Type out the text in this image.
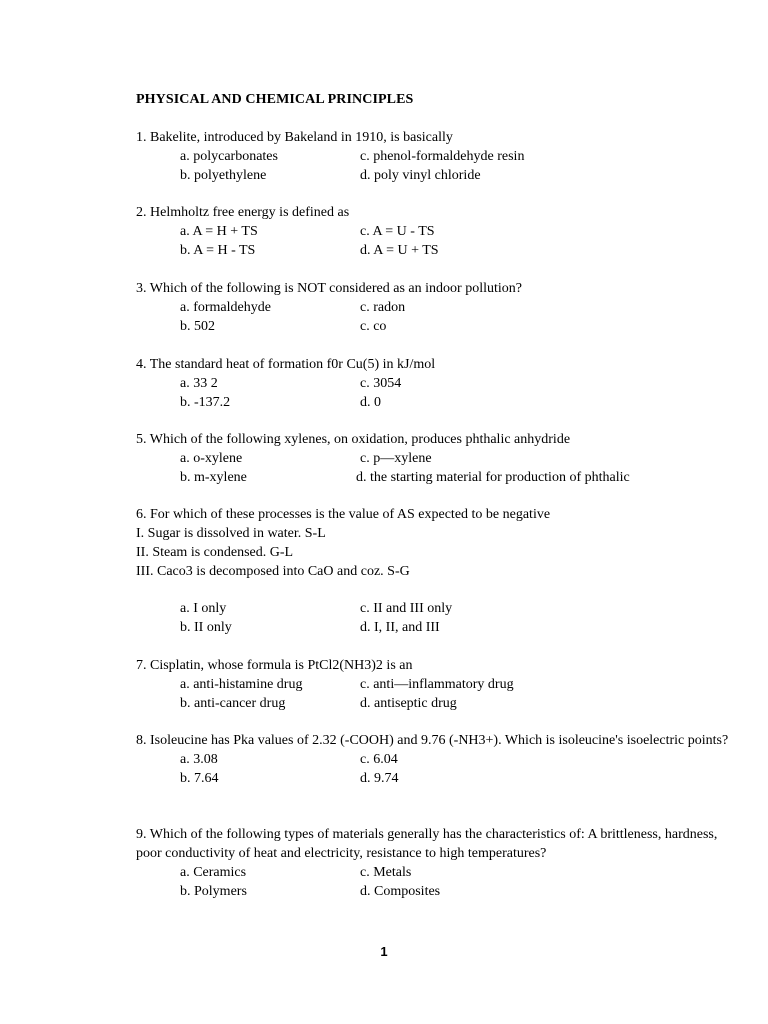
PHYSICAL AND CHEMICAL PRINCIPLES
1. Bakelite, introduced by Bakeland in 1910, is basically
a. polycarbonates	c. phenol-formaldehyde resin
b. polyethylene	d. poly vinyl chloride
2. Helmholtz free energy is defined as
a. A = H + TS	c. A = U - TS
b. A = H - TS	d. A = U + TS
3. Which of the following is NOT considered as an indoor pollution?
a. formaldehyde	c. radon
b. 502	c. co
4. The standard heat of formation f0r Cu(5) in kJ/mol
a. 33 2	c. 3054
b. -137.2	d. 0
5. Which of the following xylenes, on oxidation, produces phthalic anhydride
a. o-xylene	c. p—xylene
b. m-xylene	d. the starting material for production of phthalic
6. For which of these processes is the value of AS expected to be negative
I. Sugar is dissolved in water. S-L
II. Steam is condensed. G-L
III. Caco3 is decomposed into CaO and coz. S-G
a. I only	c. II and III only
b. II only	d. I, II, and III
7. Cisplatin, whose formula is PtCl2(NH3)2 is an
a. anti-histamine drug	c. anti—inflammatory drug
b. anti-cancer drug	d. antiseptic drug
8. Isoleucine has Pka values of 2.32 (-COOH) and 9.76 (-NH3+). Which is isoleucine's isoelectric points?
a. 3.08	c. 6.04
b. 7.64	d. 9.74
9. Which of the following types of materials generally has the characteristics of: A brittleness, hardness, poor conductivity of heat and electricity, resistance to high temperatures?
a. Ceramics	c. Metals
b. Polymers	d. Composites
1
